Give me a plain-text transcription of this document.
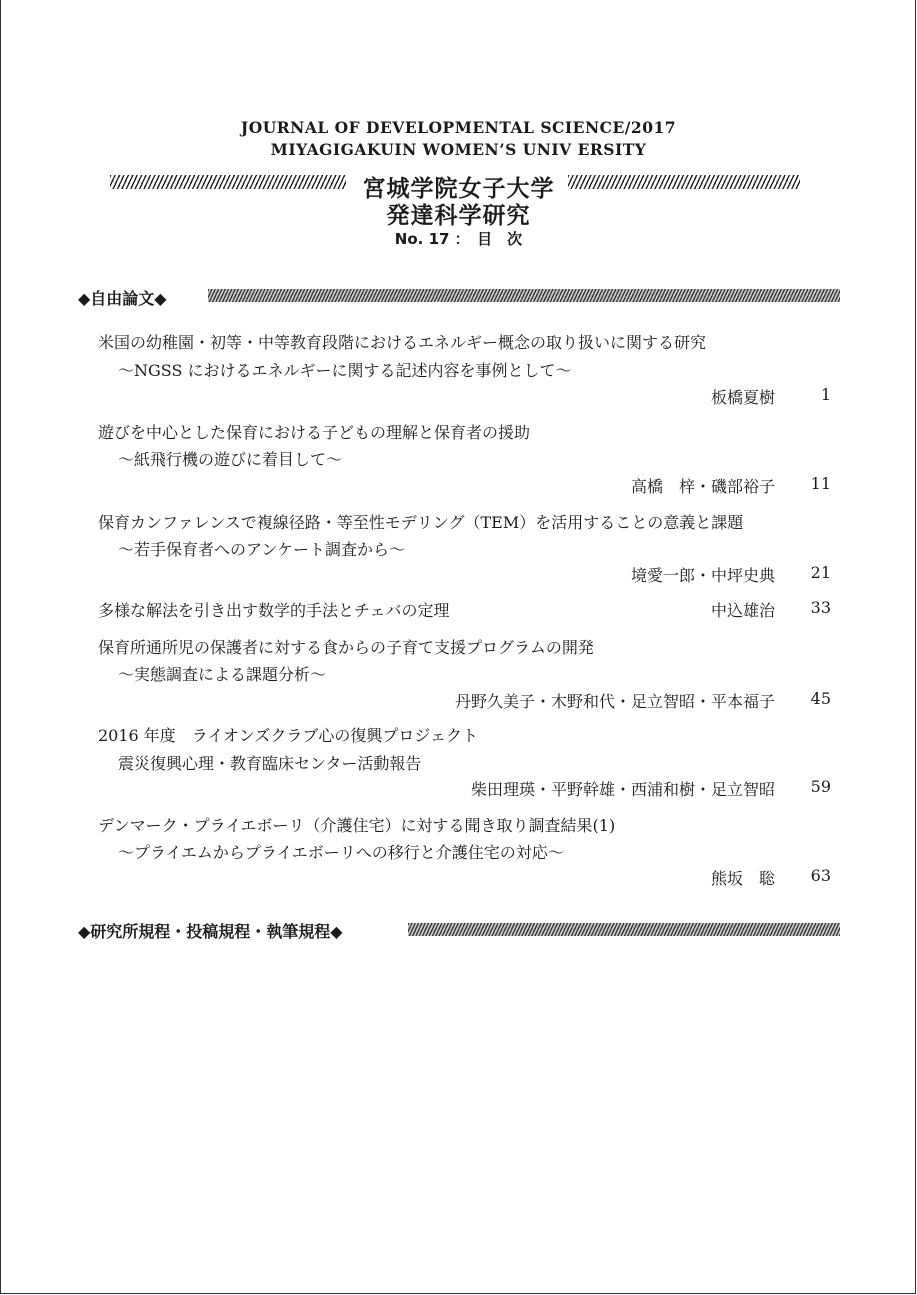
JOURNAL OF DEVELOPMENTAL SCIENCE/2017
MIYAGIGAKUIN WOMEN’S UNIV ERSITY
宮城学院女子大学
発達科学研究
No. 17 ：　目　次
◆自由論文◆
米国の幼稚園・初等・中等教育段階におけるエネルギー概念の取り扱いに関する研究
～NGSS におけるエネルギーに関する記述内容を事例として～
板橋夏樹	1
遊びを中心とした保育における子どもの理解と保育者の援助
～紙飛行機の遊びに着目して～
高橋　梓・磯部裕子	11
保育カンファレンスで複線径路・等至性モデリング（TEM）を活用することの意義と課題
～若手保育者へのアンケート調査から～
境愛一郎・中坪史典	21
多様な解法を引き出す数学的手法とチェバの定理	中込雄治	33
保育所通所児の保護者に対する食からの子育て支援プログラムの開発
～実態調査による課題分析～
丹野久美子・木野和代・足立智昭・平本福子	45
2016 年度　ライオンズクラブ心の復興プロジェクト
震災復興心理・教育臨床センター活動報告
柴田理瑛・平野幹雄・西浦和樹・足立智昭	59
デンマーク・プライエボーリ（介護住宅）に対する聞き取り調査結果(1)
～プライエムからプライエボーリへの移行と介護住宅の対応～
熊坂　聡	63
◆研究所規程・投稿規程・執筆規程◆
